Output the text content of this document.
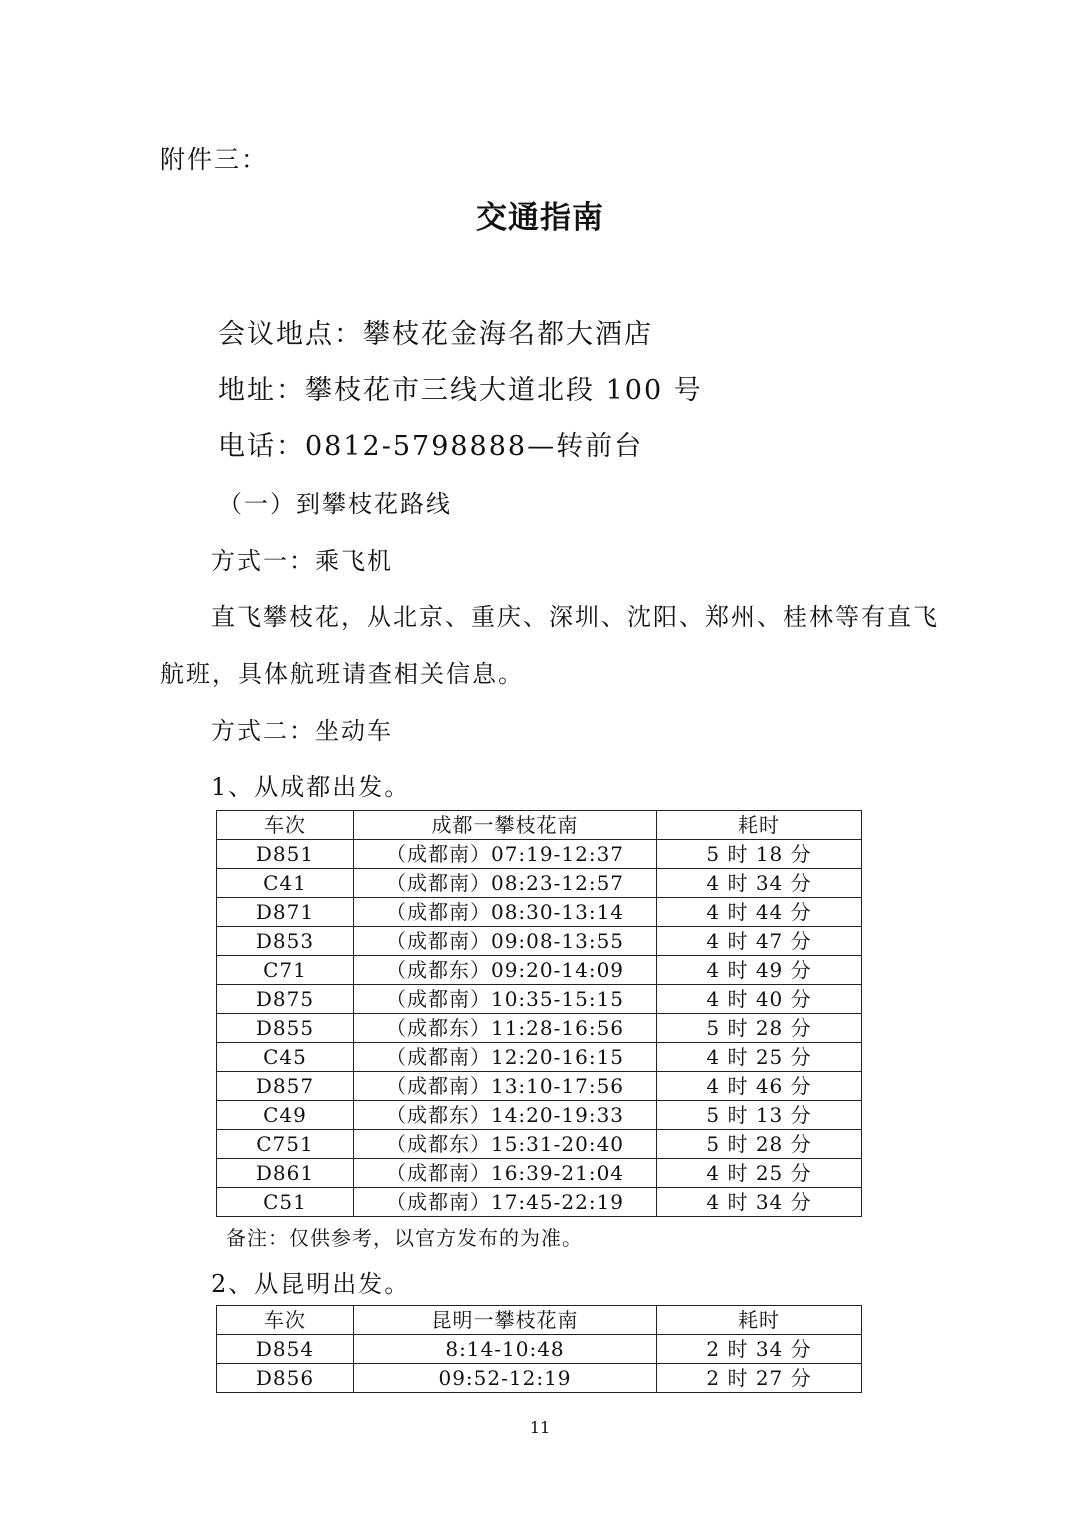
附件三：
交通指南
会议地点：攀枝花金海名都大酒店
地址：攀枝花市三线大道北段 100 号
电话：0812-5798888—转前台
（一）到攀枝花路线
方式一：乘飞机
直飞攀枝花，从北京、重庆、深圳、沈阳、郑州、桂林等有直飞
航班，具体航班请查相关信息。
方式二：坐动车
1、从成都出发。
车次	成都一攀枝花南	耗时
D851	（成都南）07:19-12:37	5 时 18 分
C41	（成都南）08:23-12:57	4 时 34 分
D871	（成都南）08:30-13:14	4 时 44 分
D853	（成都南）09:08-13:55	4 时 47 分
C71	（成都东）09:20-14:09	4 时 49 分
D875	（成都南）10:35-15:15	4 时 40 分
D855	（成都东）11:28-16:56	5 时 28 分
C45	（成都南）12:20-16:15	4 时 25 分
D857	（成都南）13:10-17:56	4 时 46 分
C49	（成都东）14:20-19:33	5 时 13 分
C751	（成都东）15:31-20:40	5 时 28 分
D861	（成都南）16:39-21:04	4 时 25 分
C51	（成都南）17:45-22:19	4 时 34 分
备注：仅供参考，以官方发布的为准。
2、从昆明出发。
车次	昆明一攀枝花南	耗时
D854	8:14-10:48	2 时 34 分
D856	09:52-12:19	2 时 27 分
11
